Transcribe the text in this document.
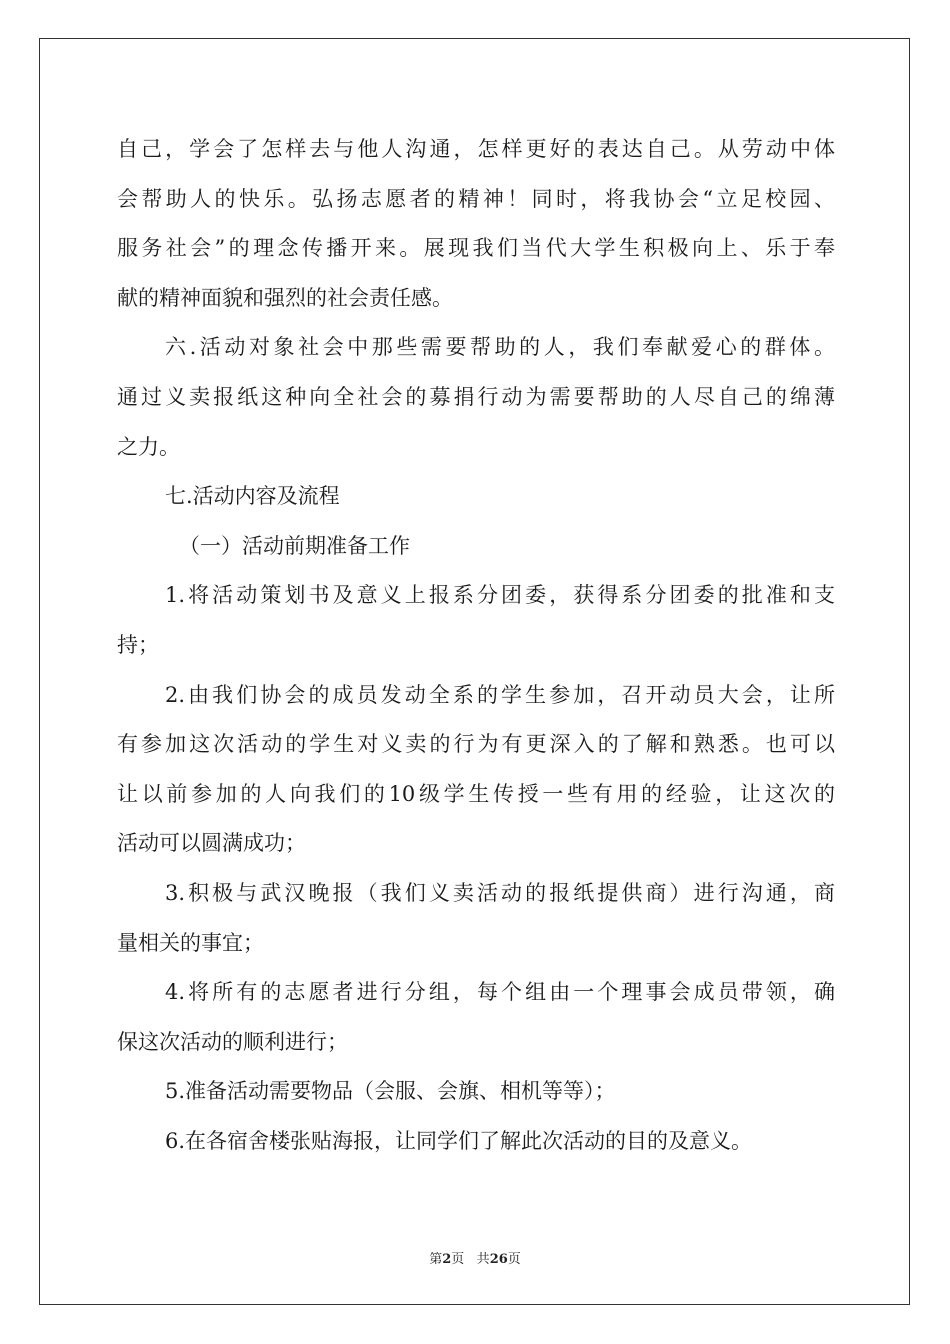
自己，学会了怎样去与他人沟通，怎样更好的表达自己。从劳动中体
会帮助人的快乐。弘扬志愿者的精神！同时，将我协会“立足校园、
服务社会”的理念传播开来。展现我们当代大学生积极向上、乐于奉
献的精神面貌和强烈的社会责任感。
六.活动对象社会中那些需要帮助的人，我们奉献爱心的群体。
通过义卖报纸这种向全社会的募捐行动为需要帮助的人尽自己的绵薄
之力。
七.活动内容及流程
（一）活动前期准备工作
1.将活动策划书及意义上报系分团委，获得系分团委的批准和支
持；
2.由我们协会的成员发动全系的学生参加，召开动员大会，让所
有参加这次活动的学生对义卖的行为有更深入的了解和熟悉。也可以
让以前参加的人向我们的10级学生传授一些有用的经验，让这次的
活动可以圆满成功；
3.积极与武汉晚报（我们义卖活动的报纸提供商）进行沟通，商
量相关的事宜；
4.将所有的志愿者进行分组，每个组由一个理事会成员带领，确
保这次活动的顺利进行；
5.准备活动需要物品（会服、会旗、相机等等）；
6.在各宿舍楼张贴海报，让同学们了解此次活动的目的及意义。
第2页 共26页
